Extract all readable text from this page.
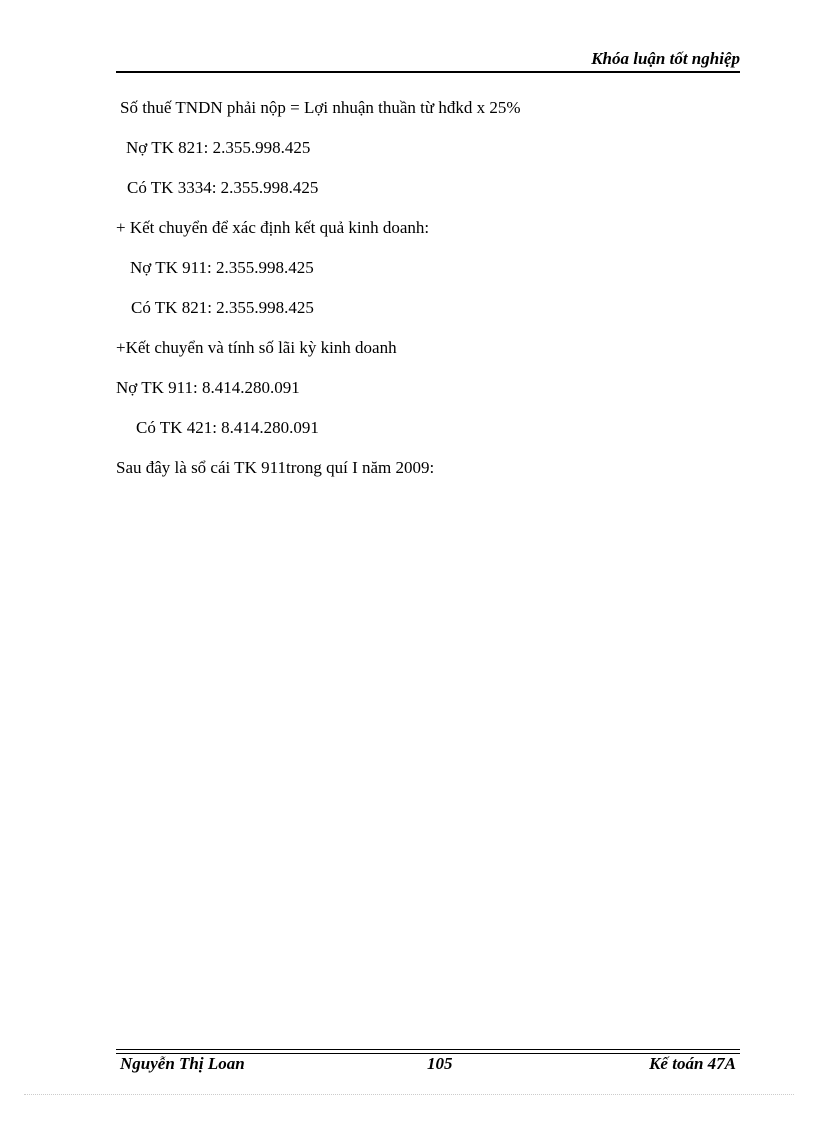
Khóa luận tốt nghiệp
Số thuế TNDN phải nộp = Lợi nhuận thuần từ hđkd x 25%
Nợ TK 821: 2.355.998.425
Có TK 3334: 2.355.998.425
+ Kết chuyển để xác định kết quả kinh doanh:
Nợ TK 911: 2.355.998.425
Có TK 821: 2.355.998.425
+Kết chuyển và tính số lãi kỳ kinh doanh
Nợ TK 911: 8.414.280.091
Có TK 421: 8.414.280.091
Sau đây là sổ cái TK 911trong quí I năm 2009:
Nguyễn Thị Loan	105	Kế toán 47A
